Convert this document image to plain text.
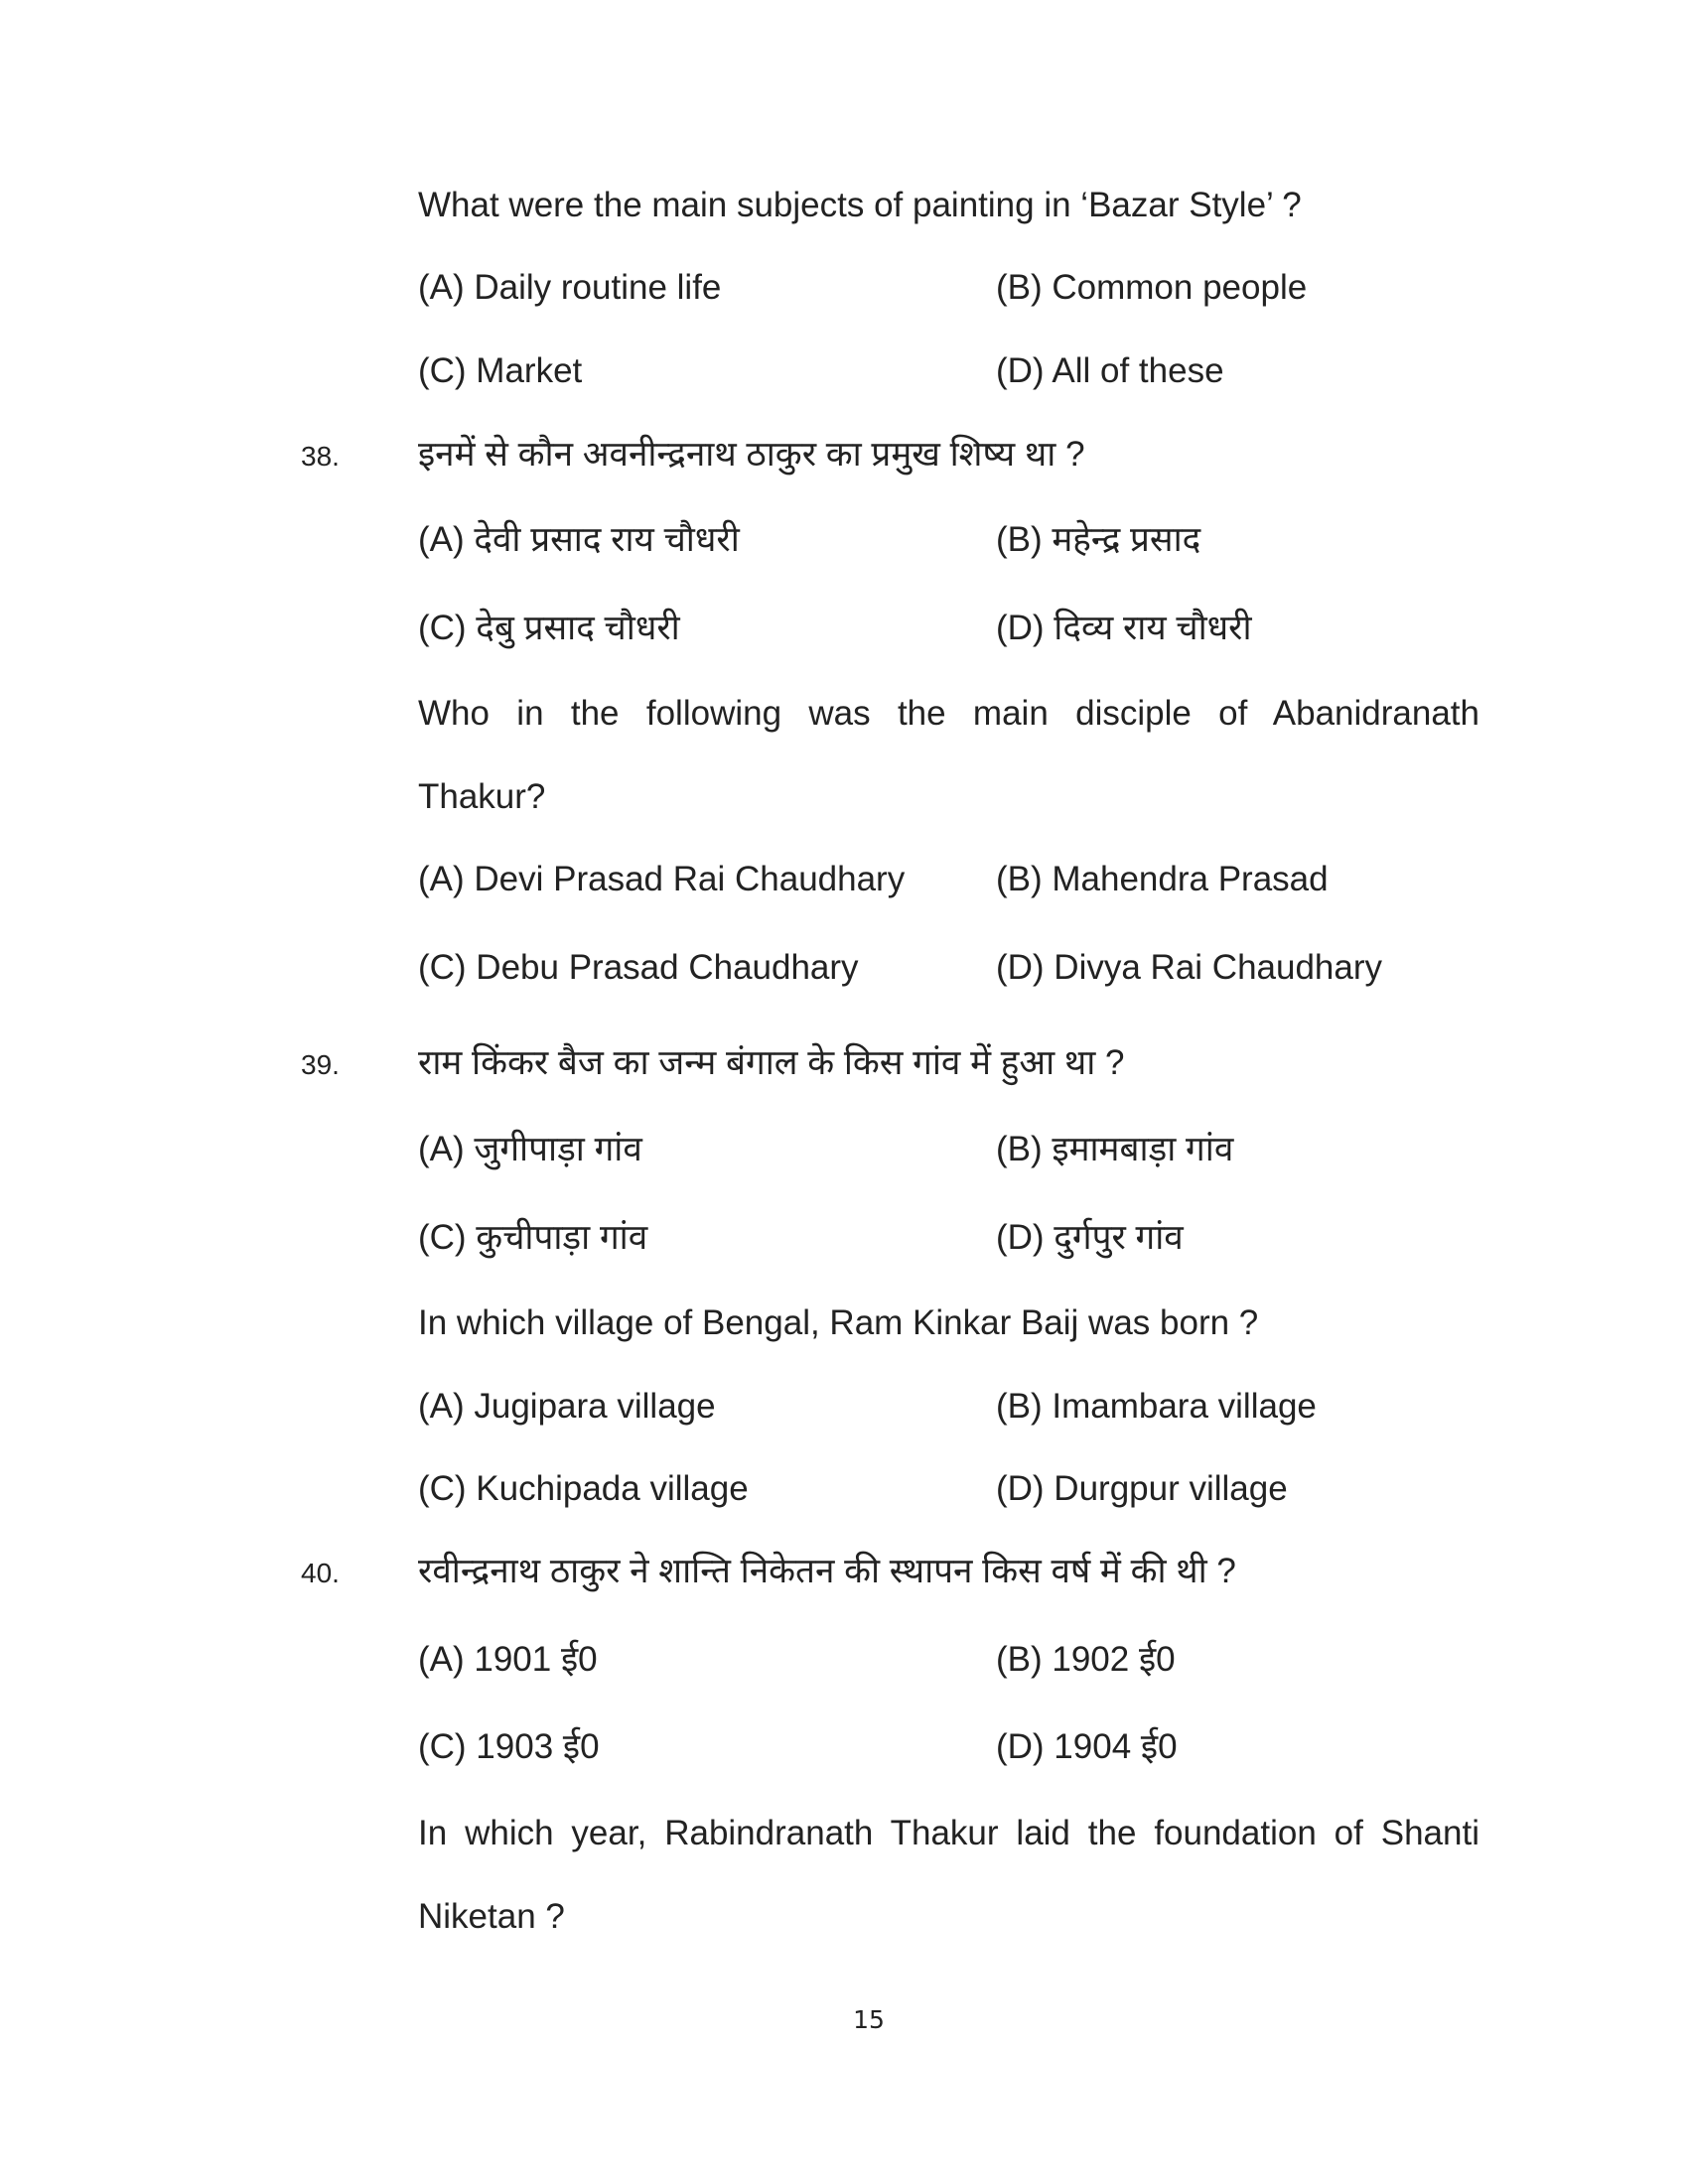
What were the main subjects of painting in ‘Bazar Style’ ?
(A) Daily routine life	(B) Common people
(C) Market	(D) All of these
38. इनमें से कौन अवनीन्द्रनाथ ठाकुर का प्रमुख शिष्य था ?
(A) देवी प्रसाद राय चौधरी	(B) महेन्द्र प्रसाद
(C) देबु प्रसाद चौधरी	(D) दिव्य राय चौधरी
Who in the following was the main disciple of Abanidranath
Thakur?
(A) Devi Prasad Rai Chaudhary	(B) Mahendra Prasad
(C) Debu Prasad Chaudhary	(D) Divya Rai Chaudhary
39. राम किंकर बैज का जन्म बंगाल के किस गांव में हुआ था ?
(A) जुगीपाड़ा गांव	(B) इमामबाड़ा गांव
(C) कुचीपाड़ा गांव	(D) दुर्गपुर गांव
In which village of Bengal, Ram Kinkar Baij was born ?
(A) Jugipara village	(B) Imambara village
(C) Kuchipada village	(D) Durgpur village
40. रवीन्द्रनाथ ठाकुर ने शान्ति निकेतन की स्थापन किस वर्ष में की थी ?
(A) 1901 ई0	(B) 1902 ई0
(C) 1903 ई0	(D) 1904 ई0
In which year, Rabindranath Thakur laid the foundation of Shanti
Niketan ?
15
